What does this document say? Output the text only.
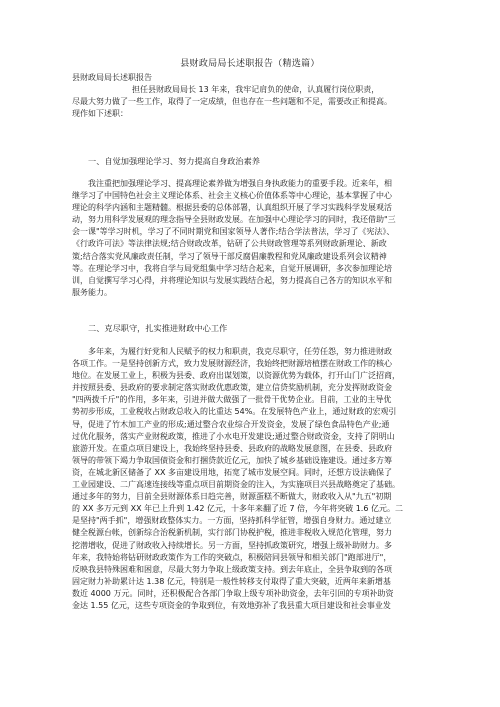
县财政局局长述职报告（精选篇）
县财政局局长述职报告
担任县财政局局长 13 年来，我牢记肩负的使命，认真履行岗位职责，
尽最大努力做了一些工作，取得了一定成绩，但也存在一些问题和不足，需要改正和提高。
现作如下述职：
一、自觉加强理论学习、努力提高自身政治素养
我注重把加强理论学习、提高理论素养做为增强自身执政能力的重要手段。近来年，相
继学习了中国特色社会主义理论体系、社会主义核心价值体系等中心理论，基本掌握了中心
理论的科学内涵和主题精髓。根据县委的总体部署，认真组织开展了学习实践科学发展观活
动，努力用科学发展观的理念指导全县财政发展。在加强中心理论学习的同时，我还借助"三
会一课"等学习时机，学习了不同时期党和国家领导人著作;结合学法普法，学习了《宪法》、
《行政许可法》等法律法规;结合财政改革，钻研了公共财政管理等系列财政新理论、新政
策;结合落实党风廉政责任制，学习了领导干部反腐倡廉教程和党风廉政建设系列会议精神
等。在理论学习中，我将自学与局党组集中学习结合起来，自觉开展调研，多次参加理论培
训，自觉撰写学习心得，并将理论知识与发展实践结合起，努力提高自己各方的知识水平和
服务能力。
二、克尽职守，扎实推进财政中心工作
多年来，为履行好党和人民赋予的权力和职责，我克尽职守，任劳任怨，努力推进财政
各项工作。一是坚持创新方式，致力发展财源经济，我始终把财源培植摆在财政工作的核心
地位。在发展工业上，积极为县委、政府出谋划策，以资源优势为载体，打开山门广泛招商，
并按照县委、县政府的要求制定落实财政优惠政策，建立信贷奖励机制，充分发挥财政资金
"四两拨千斤"的作用，多年来，引进并做大做强了一批骨干优势企业。目前，工业的主导优
势初步形成，工业税收占财政总收入的比重达 54%。在发展特色产业上，通过财政的宏观引
导，促进了竹木加工产业的形成;通过整合农业综合开发资金，发展了绿色食品特色产业;通
过优化服务，落实产业财税政策，推进了小水电开发建设;通过整合财政资金，支持了阴明山
旅游开发。在重点项目建设上，我始终坚持县委、县政府的战略发展意图，在县委、县政府
领导的带领下竭力争取国债资金和打捆贷款近亿元，加快了城乡基础设施建设。通过多方筹
资，在城北新区储备了 XX 多亩建设用地，拓宽了城市发展空间。同时，还想方设法确保了
工业园建设、二广高速连接线等重点项目前期资金的注入，为实施项目兴县战略奠定了基础。
通过多年的努力，目前全县财源体系日趋完善，财源蛋糕不断做大，财政收入从"九五"初期
的 XX 多万元到 XX 年已上升到 1.42 亿元，十多年来翻了近 7 倍，今年将突破 1.6 亿元。二
是坚持"两手抓"，增强财政整体实力。一方面，坚持抓科学征管，增强自身财力。通过建立
健全税源台帐，创新综合治税新机制，实行部门协税护税，推进非税收入规范化管理，努力
挖潜增收，促进了财政收入持续增长。另一方面，坚持抓政策研究，增强上级补助财力。多
年来，我特始将钻研财政政策作为工作的突破点，积极陪同县领导和相关部门"跑部进厅"，
反映我县特殊困难和困意，尽最大努力争取上级政策支持。到去年底止，全县争取到的各项
固定财力补助累计达 1.38 亿元，特别是一般性转移支付取得了重大突破，近两年来新增基
数近 4000 万元。同时，还积极配合各部门争取上级专项补助资金，去年引回的专项补助资
金达 1.55 亿元，这些专项资金的争取到位，有效地弥补了我县重大项目建设和社会事业发
